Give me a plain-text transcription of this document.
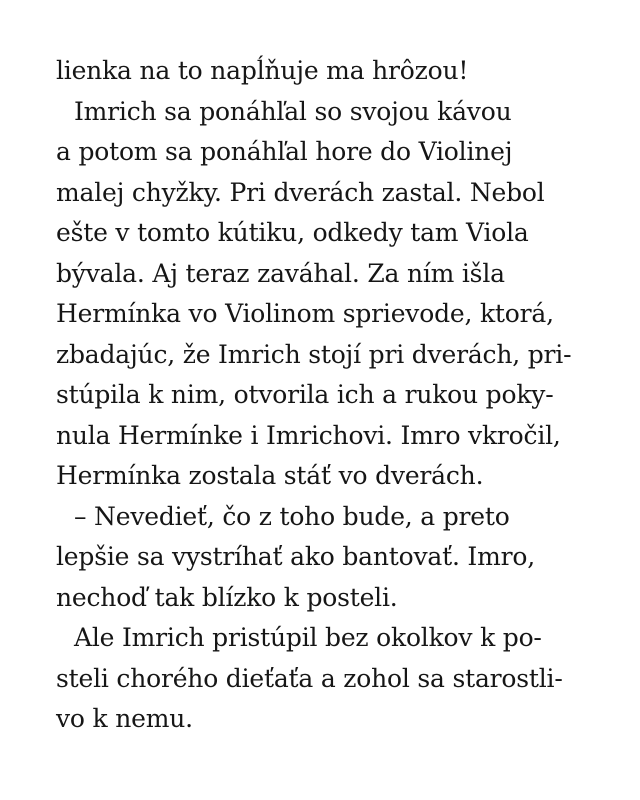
lienka na to napĺňuje ma hrôzou!
Imrich sa ponáhľal so svojou kávou
a potom sa ponáhľal hore do Violinej
malej chyžky. Pri dverách zastal. Nebol
ešte v tomto kútiku, odkedy tam Viola
bývala. Aj teraz zaváhal. Za ním išla
Hermínka vo Violinom sprievode, ktorá,
zbadajúc, že Imrich stojí pri dverách, pri-
stúpila k nim, otvorila ich a rukou poky-
nula Hermínke i Imrichovi. Imro vkročil,
Hermínka zostala stáť vo dverách.
– Nevedieť, čo z toho bude, a preto
lepšie sa vystríhať ako bantovať. Imro,
nechoď tak blízko k posteli.
Ale Imrich pristúpil bez okolkov k po-
steli chorého dieťaťa a zohol sa starostli-
vo k nemu.
